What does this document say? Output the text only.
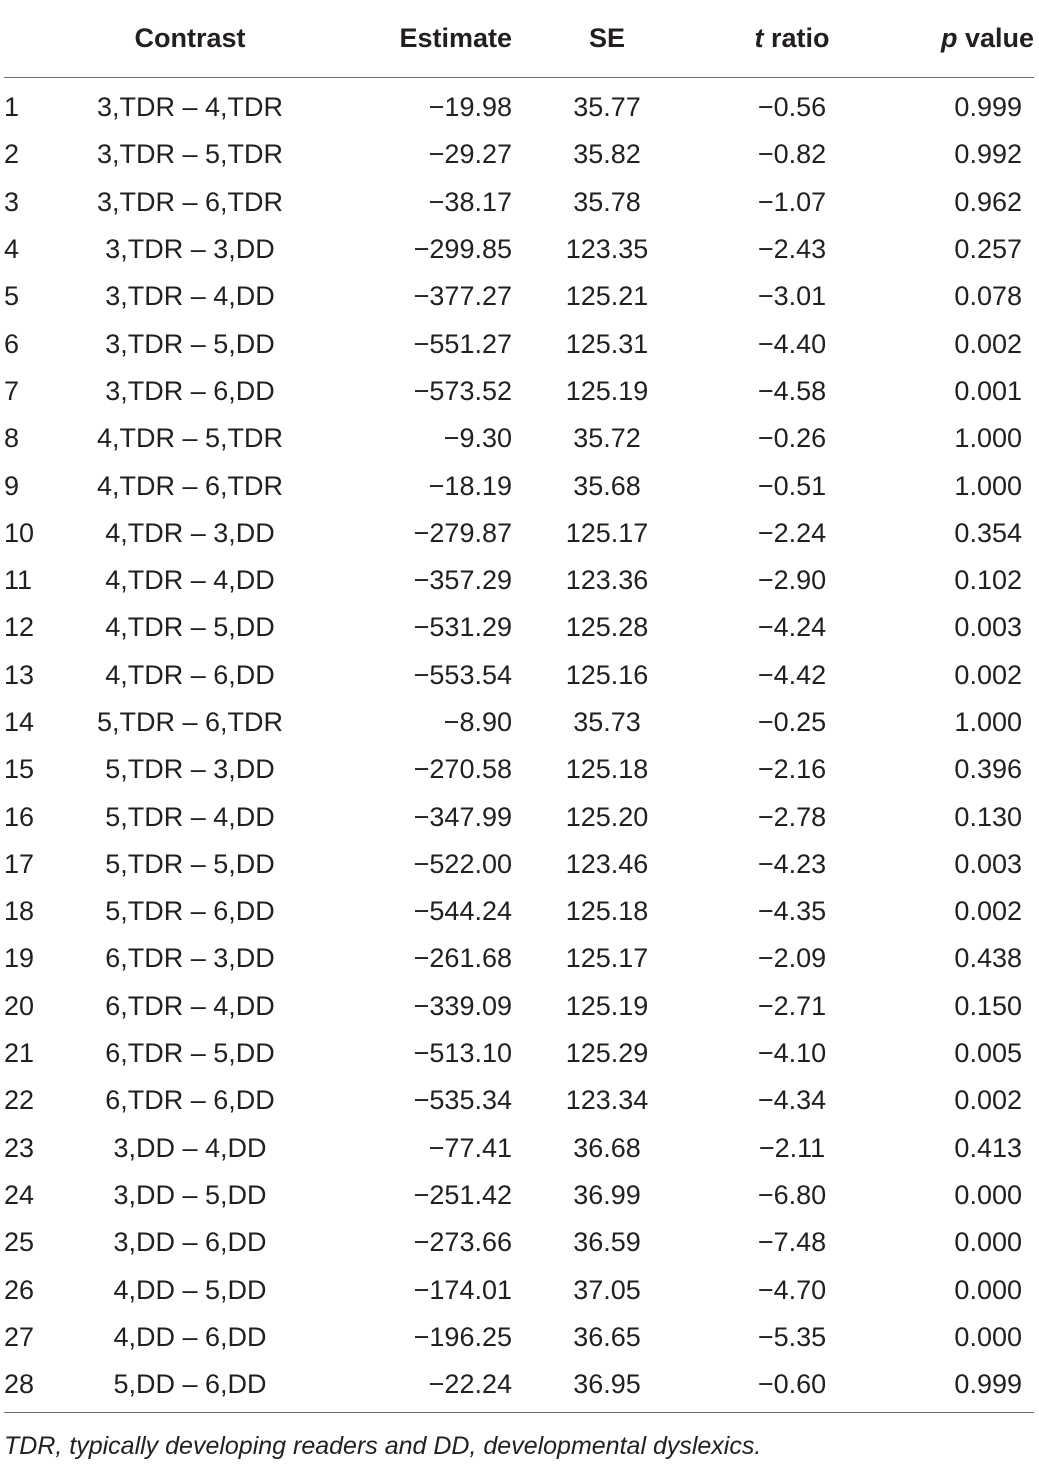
	Contrast	Estimate	SE	t ratio	p value
1	3,TDR – 4,TDR	−19.98	35.77	−0.56	0.999
2	3,TDR – 5,TDR	−29.27	35.82	−0.82	0.992
3	3,TDR – 6,TDR	−38.17	35.78	−1.07	0.962
4	3,TDR – 3,DD	−299.85	123.35	−2.43	0.257
5	3,TDR – 4,DD	−377.27	125.21	−3.01	0.078
6	3,TDR – 5,DD	−551.27	125.31	−4.40	0.002
7	3,TDR – 6,DD	−573.52	125.19	−4.58	0.001
8	4,TDR – 5,TDR	−9.30	35.72	−0.26	1.000
9	4,TDR – 6,TDR	−18.19	35.68	−0.51	1.000
10	4,TDR – 3,DD	−279.87	125.17	−2.24	0.354
11	4,TDR – 4,DD	−357.29	123.36	−2.90	0.102
12	4,TDR – 5,DD	−531.29	125.28	−4.24	0.003
13	4,TDR – 6,DD	−553.54	125.16	−4.42	0.002
14	5,TDR – 6,TDR	−8.90	35.73	−0.25	1.000
15	5,TDR – 3,DD	−270.58	125.18	−2.16	0.396
16	5,TDR – 4,DD	−347.99	125.20	−2.78	0.130
17	5,TDR – 5,DD	−522.00	123.46	−4.23	0.003
18	5,TDR – 6,DD	−544.24	125.18	−4.35	0.002
19	6,TDR – 3,DD	−261.68	125.17	−2.09	0.438
20	6,TDR – 4,DD	−339.09	125.19	−2.71	0.150
21	6,TDR – 5,DD	−513.10	125.29	−4.10	0.005
22	6,TDR – 6,DD	−535.34	123.34	−4.34	0.002
23	3,DD – 4,DD	−77.41	36.68	−2.11	0.413
24	3,DD – 5,DD	−251.42	36.99	−6.80	0.000
25	3,DD – 6,DD	−273.66	36.59	−7.48	0.000
26	4,DD – 5,DD	−174.01	37.05	−4.70	0.000
27	4,DD – 6,DD	−196.25	36.65	−5.35	0.000
28	5,DD – 6,DD	−22.24	36.95	−0.60	0.999
TDR, typically developing readers and DD, developmental dyslexics.
